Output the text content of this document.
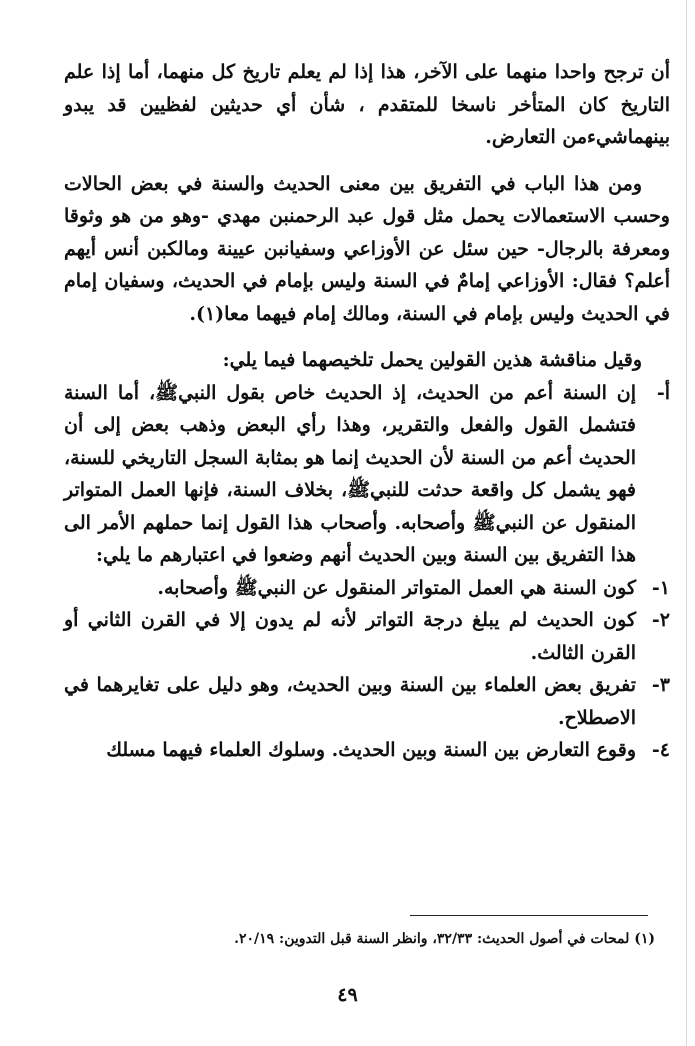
أن ترجح واحدا منهما على الآخر، هذا إذا لم يعلم تاريخ كل منهما، أما إذا علم التاريخ كان المتأخر ناسخا للمتقدم ، شأن أي حديثين لفظيين قد يبدو بينهماشيءمن التعارض.

ومن هذا الباب في التفريق بين معنى الحديث والسنة في بعض الحالات وحسب الاستعمالات يحمل مثل قول عبد الرحمنبن مهدي -وهو من هو وثوقا ومعرفة بالرجال- حين سئل عن الأوزاعي وسفيانبن عيينة ومالكبن أنس أيهم أعلم؟ فقال: الأوزاعي إمامٌ في السنة وليس بإمام في الحديث، وسفيان إمام في الحديث وليس بإمام في السنة، ومالك إمام فيهما معا(١).

وقيل مناقشة هذين القولين يحمل تلخيصهما فيما يلي:

أ-
إن السنة أعم من الحديث، إذ الحديث خاص بقول النبيﷺ، أما السنة فتشمل القول والفعل والتقرير، وهذا رأي البعض وذهب بعض إلى أن الحديث أعم من السنة لأن الحديث إنما هو بمثابة السجل التاريخي للسنة، فهو يشمل كل واقعة حدثت للنبيﷺ، بخلاف السنة، فإنها العمل المتواتر المنقول عن النبيﷺ وأصحابه. وأصحاب هذا القول إنما حملهم الأمر الى هذا التفريق بين السنة وبين الحديث أنهم وضعوا في اعتبارهم ما يلي:
١-
كون السنة هي العمل المتواتر المنقول عن النبيﷺ وأصحابه.
٢-
كون الحديث لم يبلغ درجة التواتر لأنه لم يدون إلا في القرن الثاني أو القرن الثالث.
٣-
تفريق بعض العلماء بين السنة وبين الحديث، وهو دليل على تغايرهما في الاصطلاح.
٤-
وقوع التعارض بين السنة وبين الحديث. وسلوك العلماء فيهما مسلك
(١) لمحات في أصول الحديث: ٣٢/٣٣، وانظر السنة قبل التدوين: ٢٠/١٩.
٤٩
